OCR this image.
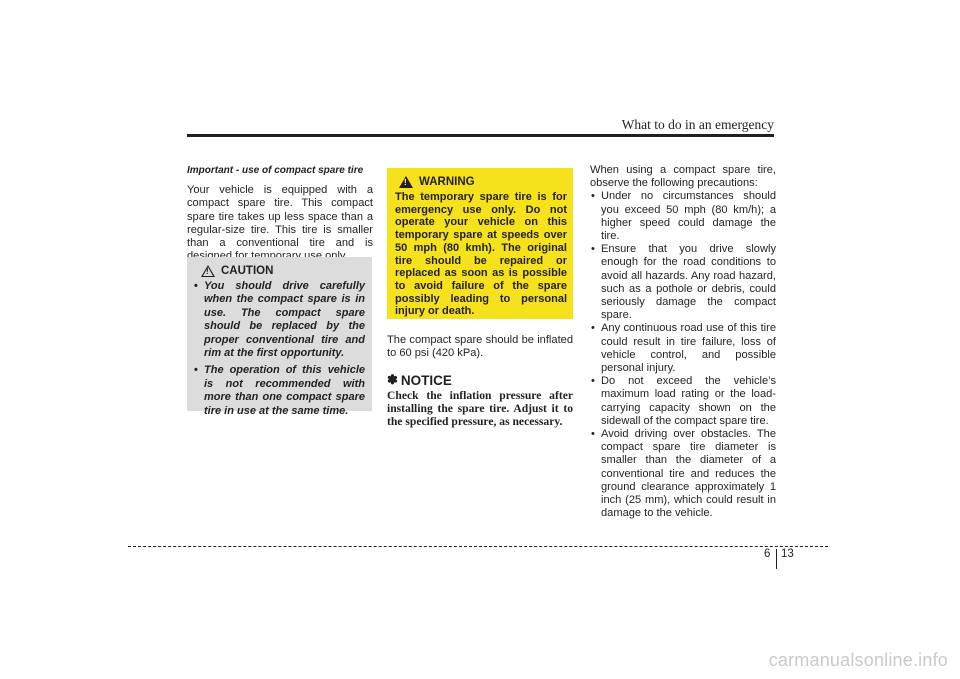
What to do in an emergency
Important - use of compact spare tire

Your vehicle is equipped with a compact spare tire. This compact spare tire takes up less space than a regular-size tire. This tire is smaller than a conventional tire and is

! CAUTION
• You should drive carefully when the compact spare is in use. The compact spare should be replaced by the proper conventional tire and rim at the first opportunity.
• The operation of this vehicle is not recommended with more than one compact spare tire in use at the same time.
! WARNING

The temporary spare tire is for emergency use only. Do not operate your vehicle on this temporary spare at speeds over 50 mph (80 kmh). The original tire should be repaired or replaced as soon as is possible to avoid failure of the spare possibly leading to personal injury or death.

The compact spare should be inflated to 60 psi (420 kPa).

✽ NOTICE

Check the inflation pressure after installing the spare tire. Adjust it to the specified pressure, as necessary.

When using a compact spare tire, observe the following precautions:

• Under no circumstances should you exceed 50 mph (80 km/h); a higher speed could damage the tire.
• Ensure that you drive slowly enough for the road conditions to avoid all hazards. Any road hazard, such as a pothole or debris, could seriously damage the compact spare.
• Any continuous road use of this tire could result in tire failure, loss of vehicle control, and possible personal injury.
• Do not exceed the vehicle’s maximum load rating or the load-carrying capacity shown on the sidewall of the compact spare tire.
• Avoid driving over obstacles. The compact spare tire diameter is smaller than the diameter of a conventional tire and reduces the ground clearance approximately 1 inch (25 mm), which could result in damage to the vehicle.
6 13
carmanualsonline.info
